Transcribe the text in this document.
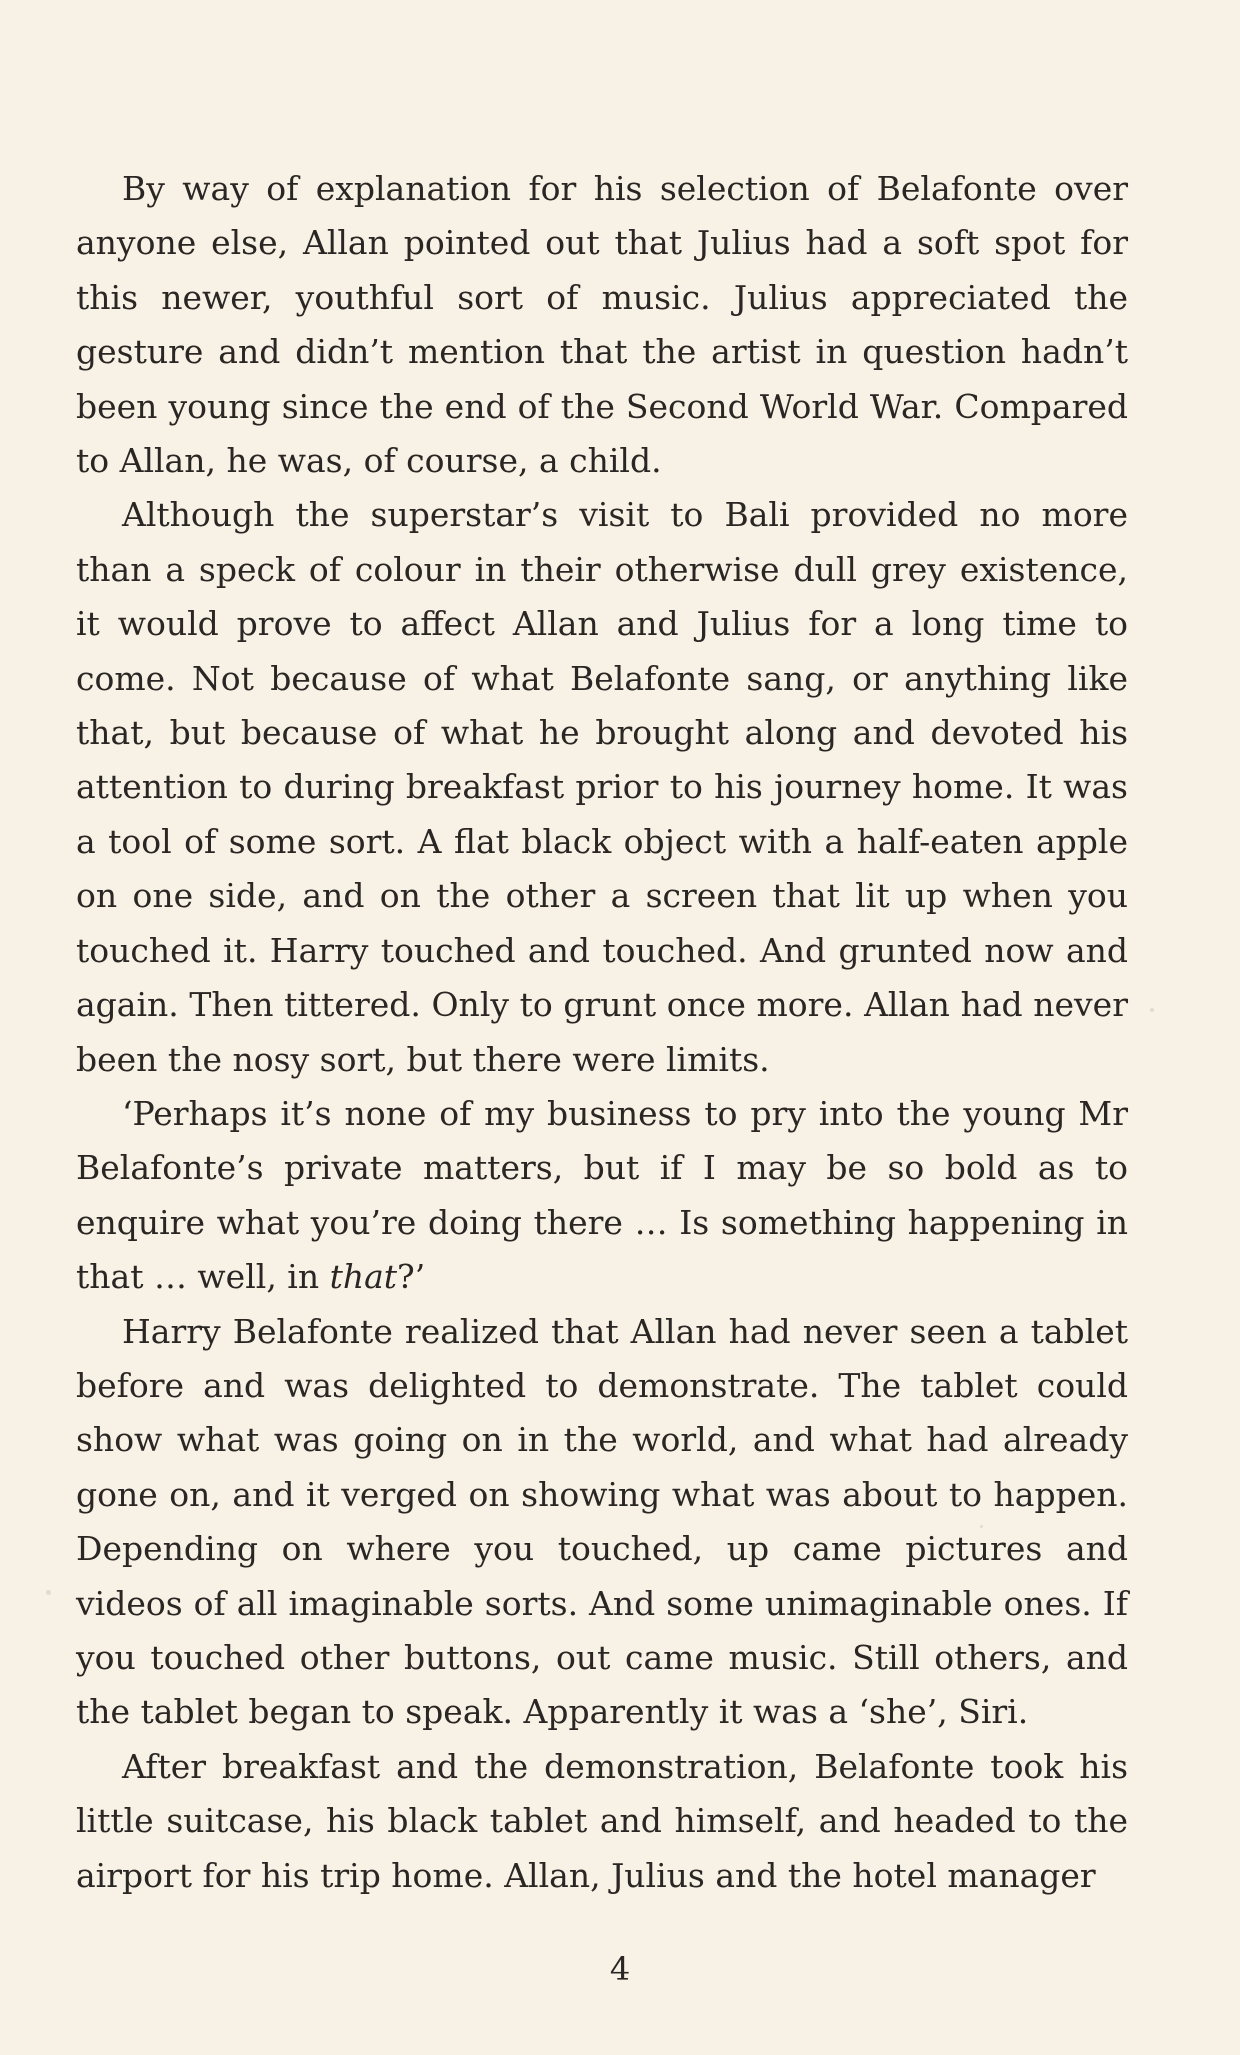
By way of explanation for his selection of Belafonte over anyone else, Allan pointed out that Julius had a soft spot for this newer, youthful sort of music. Julius appreciated the gesture and didn’t mention that the artist in question hadn’t been young since the end of the Second World War. Compared to Allan, he was, of course, a child.

Although the superstar’s visit to Bali provided no more than a speck of colour in their otherwise dull grey existence, it would prove to affect Allan and Julius for a long time to come. Not because of what Belafonte sang, or anything like that, but because of what he brought along and devoted his attention to during breakfast prior to his journey home. It was a tool of some sort. A flat black object with a half-eaten apple on one side, and on the other a screen that lit up when you touched it. Harry touched and touched. And grunted now and again. Then tittered. Only to grunt once more. Allan had never been the nosy sort, but there were limits.

‘Perhaps it’s none of my business to pry into the young Mr Belafonte’s private matters, but if I may be so bold as to enquire what you’re doing there … Is something happening in that … well, in that?’

Harry Belafonte realized that Allan had never seen a tablet before and was delighted to demonstrate. The tablet could show what was going on in the world, and what had already gone on, and it verged on showing what was about to happen. Depending on where you touched, up came pictures and videos of all imaginable sorts. And some unimaginable ones. If you touched other buttons, out came music. Still others, and the tablet began to speak. Apparently it was a ‘she’, Siri.

After breakfast and the demonstration, Belafonte took his little suitcase, his black tablet and himself, and headed to the airport for his trip home. Allan, Julius and the hotel manager

4
